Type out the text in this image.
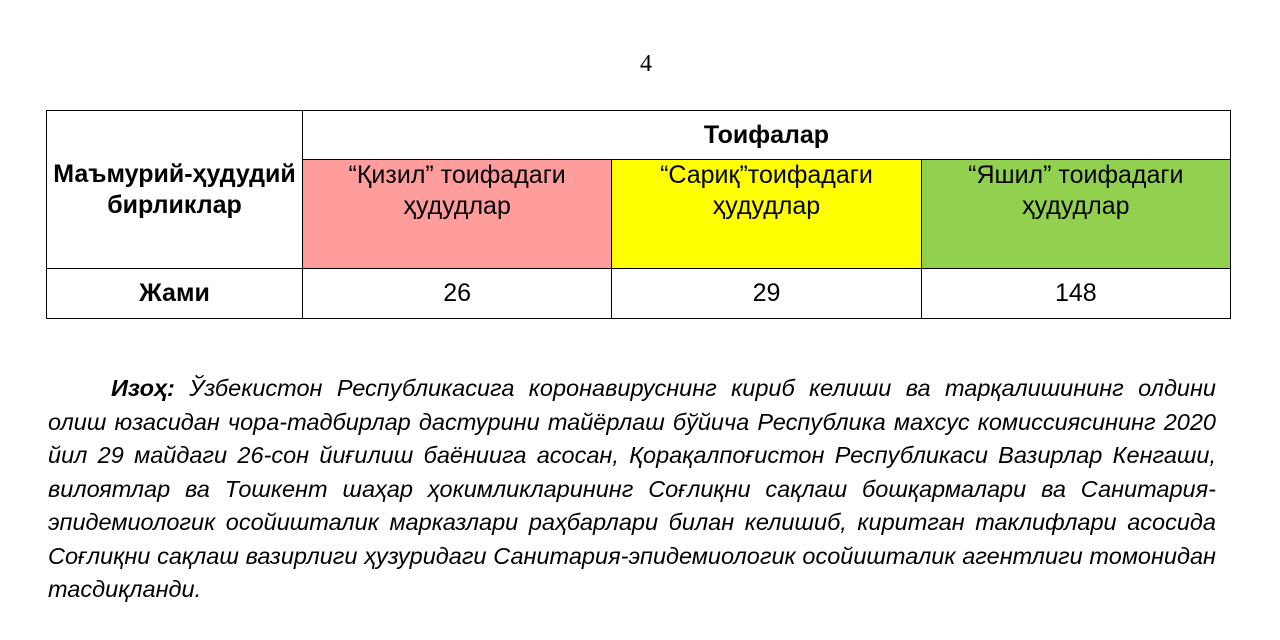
4
Маъмурий-ҳудудий бирликлар	Тоифалар		
	“Қизил” тоифадаги ҳудудлар	“Сариқ”тоифадаги ҳудудлар	“Яшил” тоифадаги ҳудудлар
Жами	26	29	148

Изоҳ: Ўзбекистон Республикасига коронавируснинг кириб келиши ва тарқалишининг олдини олиш юзасидан чора-тадбирлар дастурини тайёрлаш бўйича Республика махсус комиссиясининг 2020 йил 29 майдаги 26-сон йиғилиш баёниига асосан, Қорақалпоғистон Республикаси Вазирлар Кенгаши, вилоятлар ва Тошкент шаҳар ҳокимликларининг Соғлиқни сақлаш бошқармалари ва Санитария-эпидемиологик осойишталик марказлари раҳбарлари билан келишиб, киритган таклифлари асосида Соғлиқни сақлаш вазирлиги ҳузуридаги Санитария-эпидемиологик осойишталик агентлиги томонидан тасдиқланди.
